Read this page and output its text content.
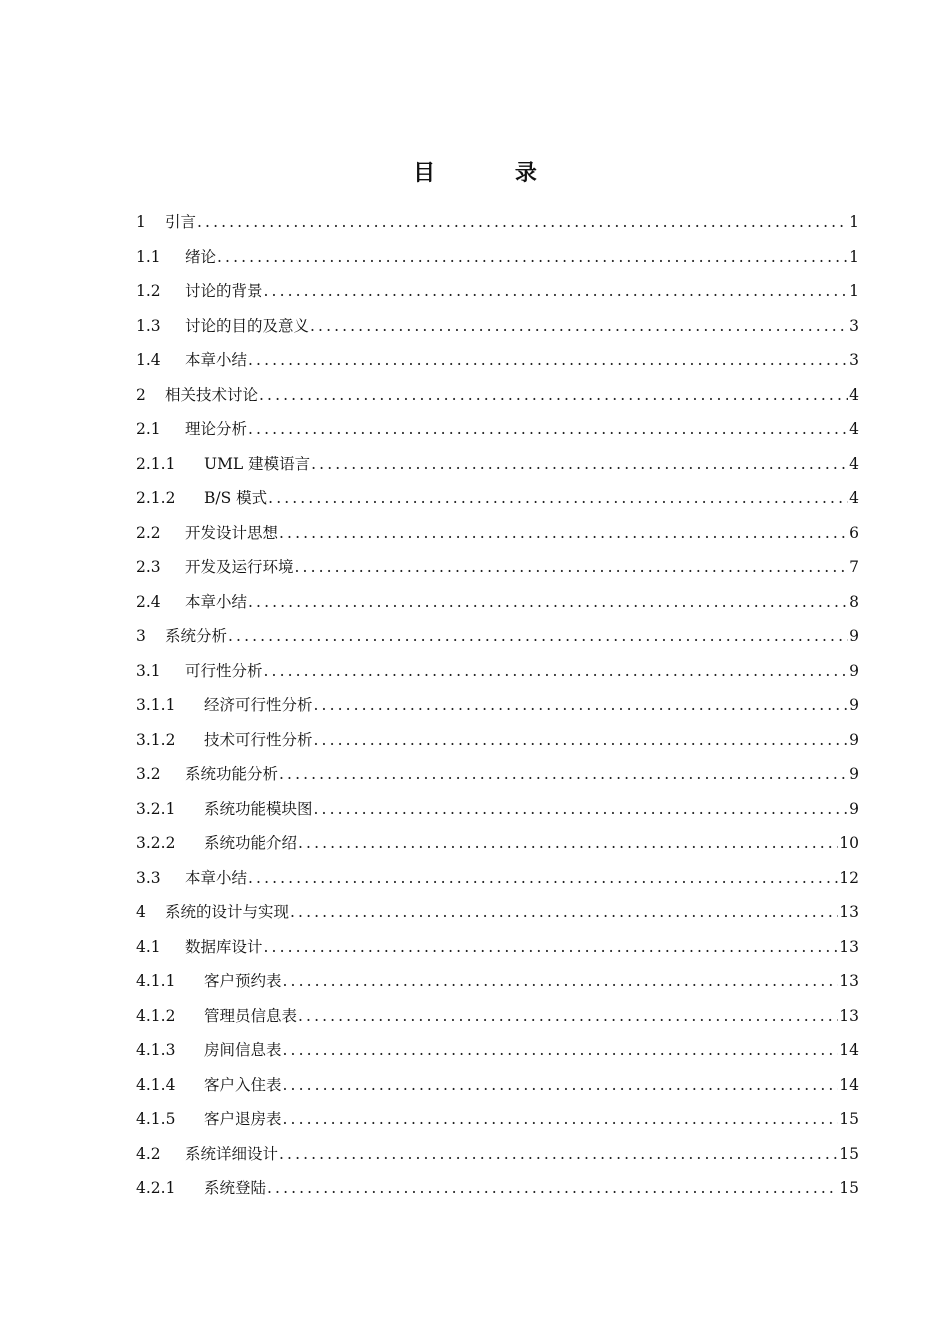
目 录
1	引言 .....	1
1.1	绪论 .....	1
1.2	讨论的背景 .....	1
1.3	讨论的目的及意义 .....	3
1.4	本章小结 .....	3
2	相关技术讨论 .....	4
2.1	理论分析 .....	4
2.1.1	UML 建模语言 .....	4
2.1.2	B/S 模式 .....	4
2.2	开发设计思想 .....	6
2.3	开发及运行环境 .....	7
2.4	本章小结 .....	8
3	系统分析 .....	9
3.1	可行性分析 .....	9
3.1.1	经济可行性分析 .....	9
3.1.2	技术可行性分析 .....	9
3.2	系统功能分析 .....	9
3.2.1	系统功能模块图 .....	9
3.2.2	系统功能介绍 .....	10
3.3	本章小结 .....	12
4	系统的设计与实现 .....	13
4.1	数据库设计 .....	13
4.1.1	客户预约表 .....	13
4.1.2	管理员信息表 .....	13
4.1.3	房间信息表 .....	14
4.1.4	客户入住表 .....	14
4.1.5	客户退房表 .....	15
4.2	系统详细设计 .....	15
4.2.1	系统登陆 .....	15
